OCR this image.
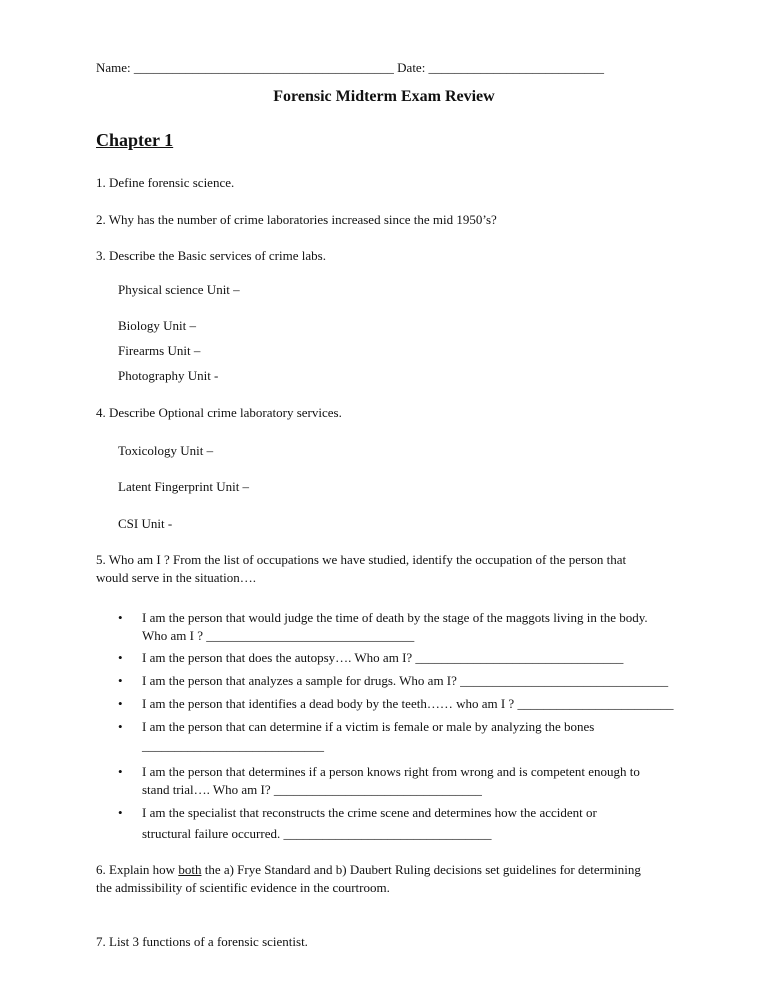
Name: ________________________________________ Date: ___________________________
Forensic Midterm Exam Review
Chapter 1
1. Define forensic science.
2. Why has the number of crime laboratories increased since the mid 1950’s?
3. Describe the Basic services of crime labs.
Physical science Unit –
Biology Unit –
Firearms Unit –
Photography Unit -
4. Describe Optional crime laboratory services.
Toxicology Unit –
Latent Fingerprint Unit –
CSI Unit -
5. Who am I ? From the list of occupations we have studied, identify the occupation of the person that
would serve in the situation….
• I am the person that would judge the time of death by the stage of the maggots living in the body.
Who am I ? ________________________________
• I am the person that does the autopsy…. Who am I? ________________________________
• I am the person that analyzes a sample for drugs. Who am I? ________________________________
• I am the person that identifies a dead body by the teeth…… who am I ? ________________________
• I am the person that can determine if a victim is female or male by analyzing the bones
____________________________
• I am the person that determines if a person knows right from wrong and is competent enough to
stand trial…. Who am I? ________________________________
• I am the specialist that reconstructs the crime scene and determines how the accident or
structural failure occurred. ________________________________
6. Explain how both the a) Frye Standard and b) Daubert Ruling decisions set guidelines for determining
the admissibility of scientific evidence in the courtroom.
7. List 3 functions of a forensic scientist.
